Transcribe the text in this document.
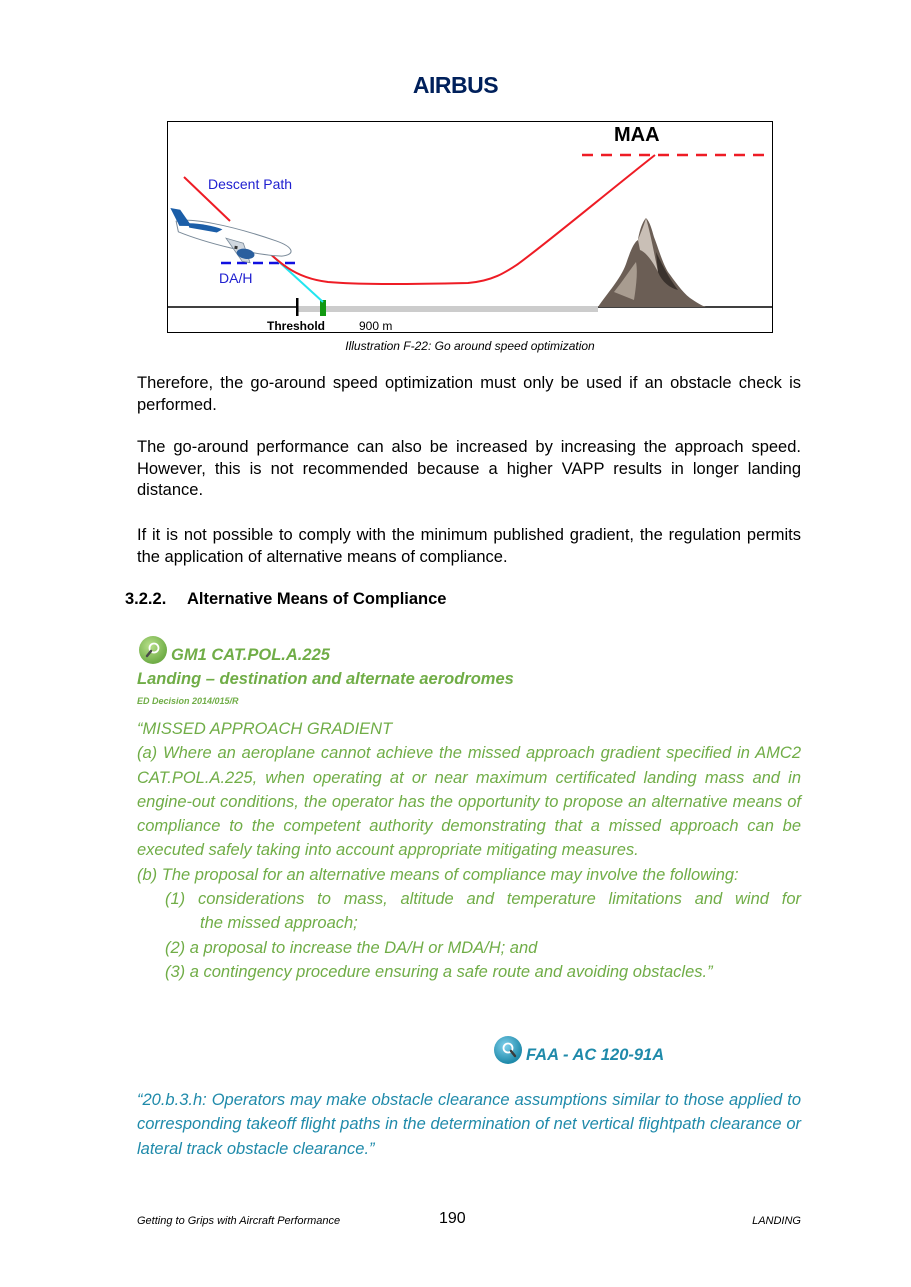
AIRBUS
MAA
Descent Path
DA/H
Threshold	900 m
Illustration F-22: Go around speed optimization
Therefore, the go-around speed optimization must only be used if an obstacle check is performed.
The go-around performance can also be increased by increasing the approach speed. However, this is not recommended because a higher VAPP results in longer landing distance.
If it is not possible to comply with the minimum published gradient, the regulation permits the application of alternative means of compliance.
3.2.2. Alternative Means of Compliance
GM1 CAT.POL.A.225
Landing – destination and alternate aerodromes
ED Decision 2014/015/R

“MISSED APPROACH GRADIENT

(a) Where an aeroplane cannot achieve the missed approach gradient specified in AMC2 CAT.POL.A.225, when operating at or near maximum certificated landing mass and in engine-out conditions, the operator has the opportunity to propose an alternative means of compliance to the competent authority demonstrating that a missed approach can be executed safely taking into account appropriate mitigating measures.

(b) The proposal for an alternative means of compliance may involve the following:

(1) considerations to mass, altitude and temperature limitations and wind for

the missed approach;

(2) a proposal to increase the DA/H or MDA/H; and

(3) a contingency procedure ensuring a safe route and avoiding obstacles.”

FAA - AC 120-91A
“20.b.3.h: Operators may make obstacle clearance assumptions similar to those applied to corresponding takeoff flight paths in the determination of net vertical flightpath clearance or lateral track obstacle clearance.”
Getting to Grips with Aircraft Performance	190	LANDING
